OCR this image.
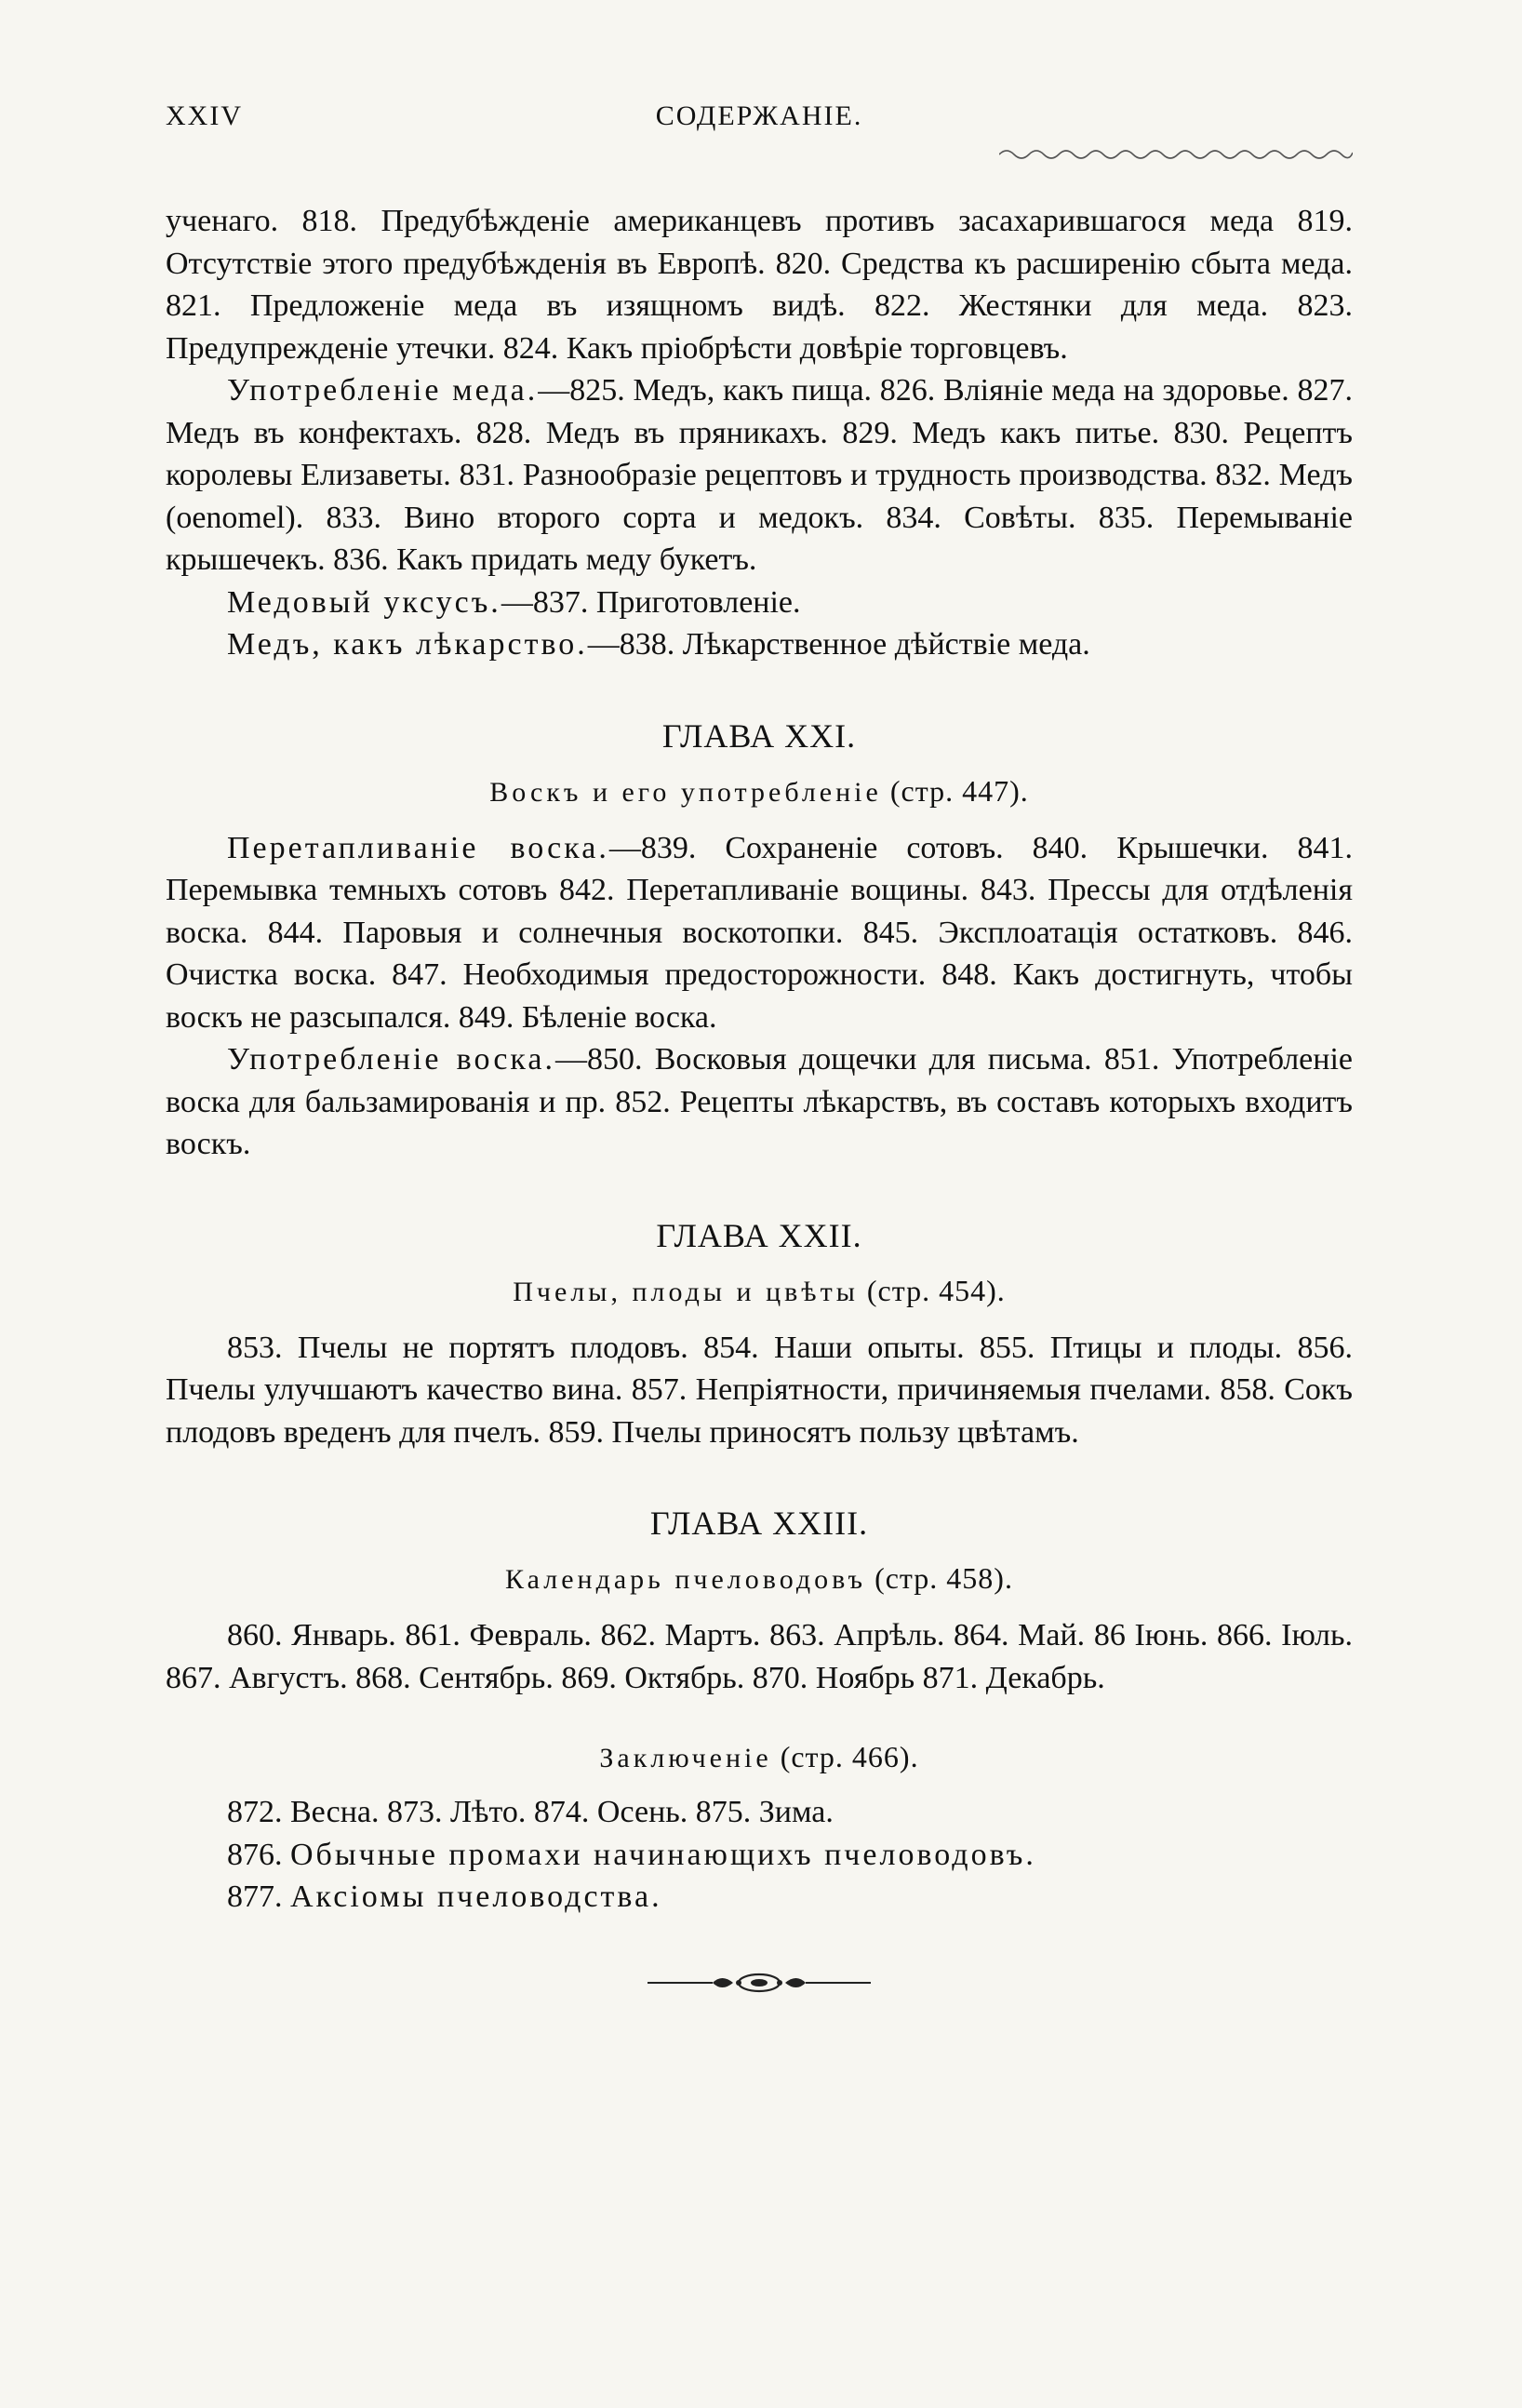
XXIV	СОДЕРЖАНІЕ.

ученаго. 818. Предубѣжденіе американцевъ противъ засахарившагося меда 819. Отсутствіе этого предубѣжденія въ Европѣ. 820. Средства къ расширенію сбыта меда. 821. Предложеніе меда въ изящномъ видѣ. 822. Жестянки для меда. 823. Предупрежденіе утечки. 824. Какъ пріобрѣсти довѣріе торговцевъ.

Употребленіе меда.—825. Медъ, какъ пища. 826. Вліяніе меда на здоровье. 827. Медъ въ конфектахъ. 828. Медъ въ пряникахъ. 829. Медъ какъ питье. 830. Рецептъ королевы Елизаветы. 831. Разнообразіе рецептовъ и трудность производства. 832. Медъ (oenomel). 833. Вино второго сорта и медокъ. 834. Совѣты. 835. Перемываніе крышечекъ. 836. Какъ придать меду букетъ.

Медовый уксусъ.—837. Приготовленіе.

Медъ, какъ лѣкарство.—838. Лѣкарственное дѣйствіе меда.

ГЛАВА XXI.
Воскъ и его употребленіе (стр. 447).

Перетапливаніе воска.—839. Сохраненіе сотовъ. 840. Крышечки. 841. Перемывка темныхъ сотовъ 842. Перетапливаніе вощины. 843. Прессы для отдѣленія воска. 844. Паровыя и солнечныя воскотопки. 845. Эксплоатація остатковъ. 846. Очистка воска. 847. Необходимыя предосторожности. 848. Какъ достигнуть, чтобы воскъ не разсыпался. 849. Бѣленіе воска.

Употребленіе воска.—850. Восковыя дощечки для письма. 851. Употребленіе воска для бальзамированія и пр. 852. Рецепты лѣкарствъ, въ составъ которыхъ входитъ воскъ.

ГЛАВА XXII.
Пчелы, плоды и цвѣты (стр. 454).

853. Пчелы не портятъ плодовъ. 854. Наши опыты. 855. Птицы и плоды. 856. Пчелы улучшаютъ качество вина. 857. Непріятности, причиняемыя пчелами. 858. Сокъ плодовъ вреденъ для пчелъ. 859. Пчелы приносятъ пользу цвѣтамъ.

ГЛАВА XXIII.
Календарь пчеловодовъ (стр. 458).

860. Январь. 861. Февраль. 862. Мартъ. 863. Апрѣль. 864. Май. 86 Іюнь. 866. Іюль. 867. Августъ. 868. Сентябрь. 869. Октябрь. 870. Ноябрь 871. Декабрь.

Заключеніе (стр. 466).

872. Весна. 873. Лѣто. 874. Осень. 875. Зима.

876. Обычные промахи начинающихъ пчеловодовъ.

877. Аксіомы пчеловодства.
